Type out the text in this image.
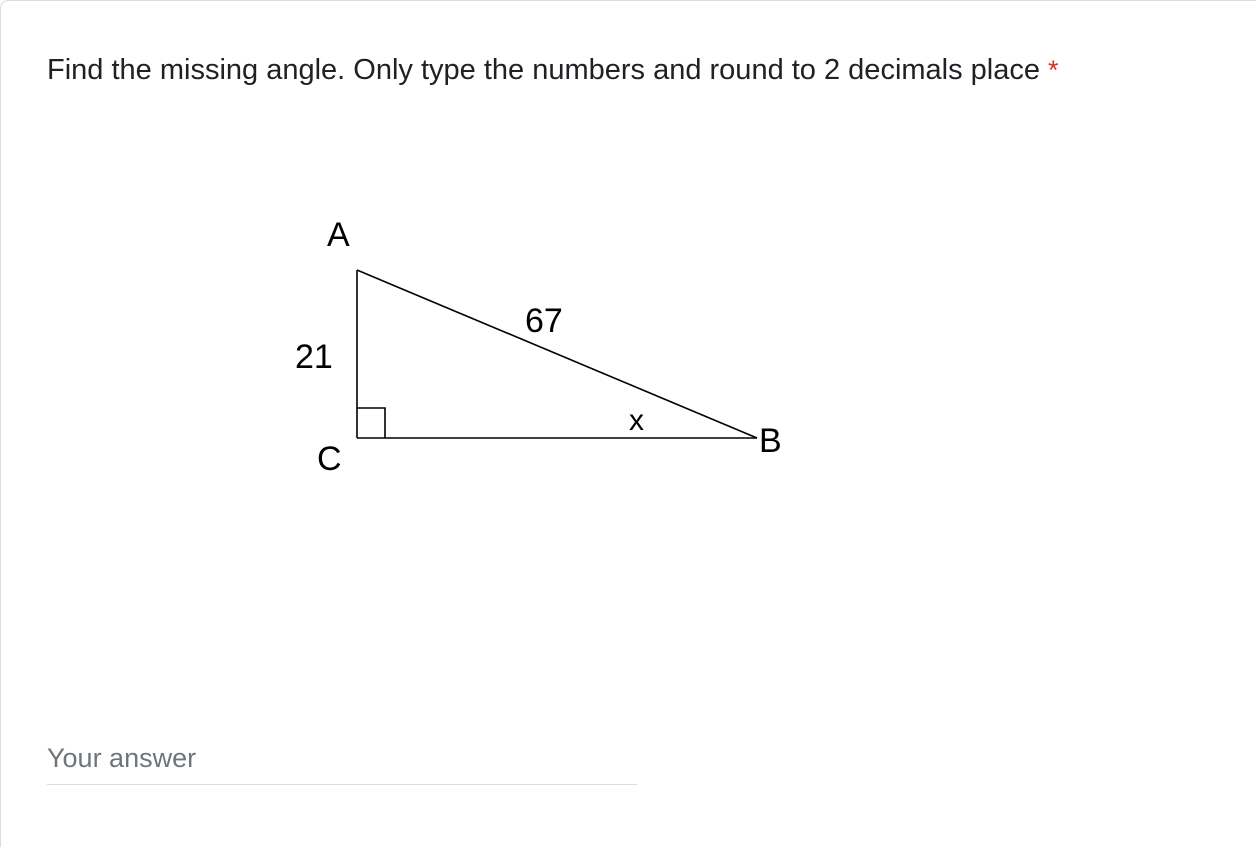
Find the missing angle. Only type the numbers and round to 2 decimals place *
A
21
67
x
B
C
Your answer
